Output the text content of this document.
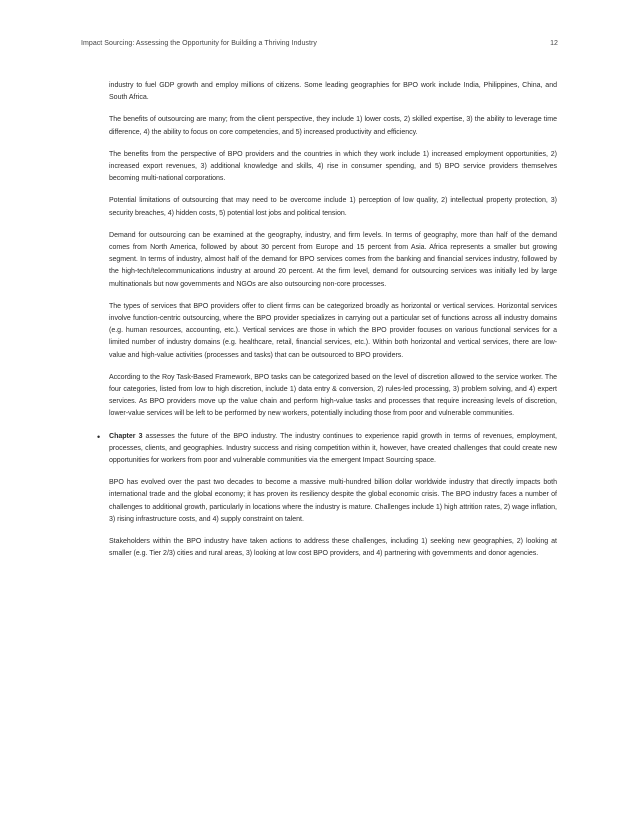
Impact Sourcing: Assessing the Opportunity for Building a Thriving Industry	12

industry to fuel GDP growth and employ millions of citizens. Some leading geographies for BPO work include India, Philippines, China, and South Africa.

The benefits of outsourcing are many; from the client perspective, they include 1) lower costs, 2) skilled expertise, 3) the ability to leverage time difference, 4) the ability to focus on core competencies, and 5) increased productivity and efficiency.

The benefits from the perspective of BPO providers and the countries in which they work include 1) increased employment opportunities, 2) increased export revenues, 3) additional knowledge and skills, 4) rise in consumer spending, and 5) BPO service providers themselves becoming multi-national corporations.

Potential limitations of outsourcing that may need to be overcome include 1) perception of low quality, 2) intellectual property protection, 3) security breaches, 4) hidden costs, 5) potential lost jobs and political tension.

Demand for outsourcing can be examined at the geography, industry, and firm levels. In terms of geography, more than half of the demand comes from North America, followed by about 30 percent from Europe and 15 percent from Asia. Africa represents a smaller but growing segment. In terms of industry, almost half of the demand for BPO services comes from the banking and financial services industry, followed by the high-tech/telecommunications industry at around 20 percent. At the firm level, demand for outsourcing services was initially led by large multinationals but now governments and NGOs are also outsourcing non-core processes.

The types of services that BPO providers offer to client firms can be categorized broadly as horizontal or vertical services. Horizontal services involve function-centric outsourcing, where the BPO provider specializes in carrying out a particular set of functions across all industry domains (e.g. human resources, accounting, etc.). Vertical services are those in which the BPO provider focuses on various functional services for a limited number of industry domains (e.g. healthcare, retail, financial services, etc.). Within both horizontal and vertical services, there are low-value and high-value activities (processes and tasks) that can be outsourced to BPO providers.

According to the Roy Task-Based Framework, BPO tasks can be categorized based on the level of discretion allowed to the service worker. The four categories, listed from low to high discretion, include 1) data entry & conversion, 2) rules-led processing, 3) problem solving, and 4) expert services. As BPO providers move up the value chain and perform high-value tasks and processes that require increasing levels of discretion, lower-value services will be left to be performed by new workers, potentially including those from poor and vulnerable communities.

• Chapter 3 assesses the future of the BPO industry. The industry continues to experience rapid growth in terms of revenues, employment, processes, clients, and geographies. Industry success and rising competition within it, however, have created challenges that could create new opportunities for workers from poor and vulnerable communities via the emergent Impact Sourcing space.

BPO has evolved over the past two decades to become a massive multi-hundred billion dollar worldwide industry that directly impacts both international trade and the global economy; it has proven its resiliency despite the global economic crisis. The BPO industry faces a number of challenges to additional growth, particularly in locations where the industry is mature. Challenges include 1) high attrition rates, 2) wage inflation, 3) rising infrastructure costs, and 4) supply constraint on talent.

Stakeholders within the BPO industry have taken actions to address these challenges, including 1) seeking new geographies, 2) looking at smaller (e.g. Tier 2/3) cities and rural areas, 3) looking at low cost BPO providers, and 4) partnering with governments and donor agencies.
